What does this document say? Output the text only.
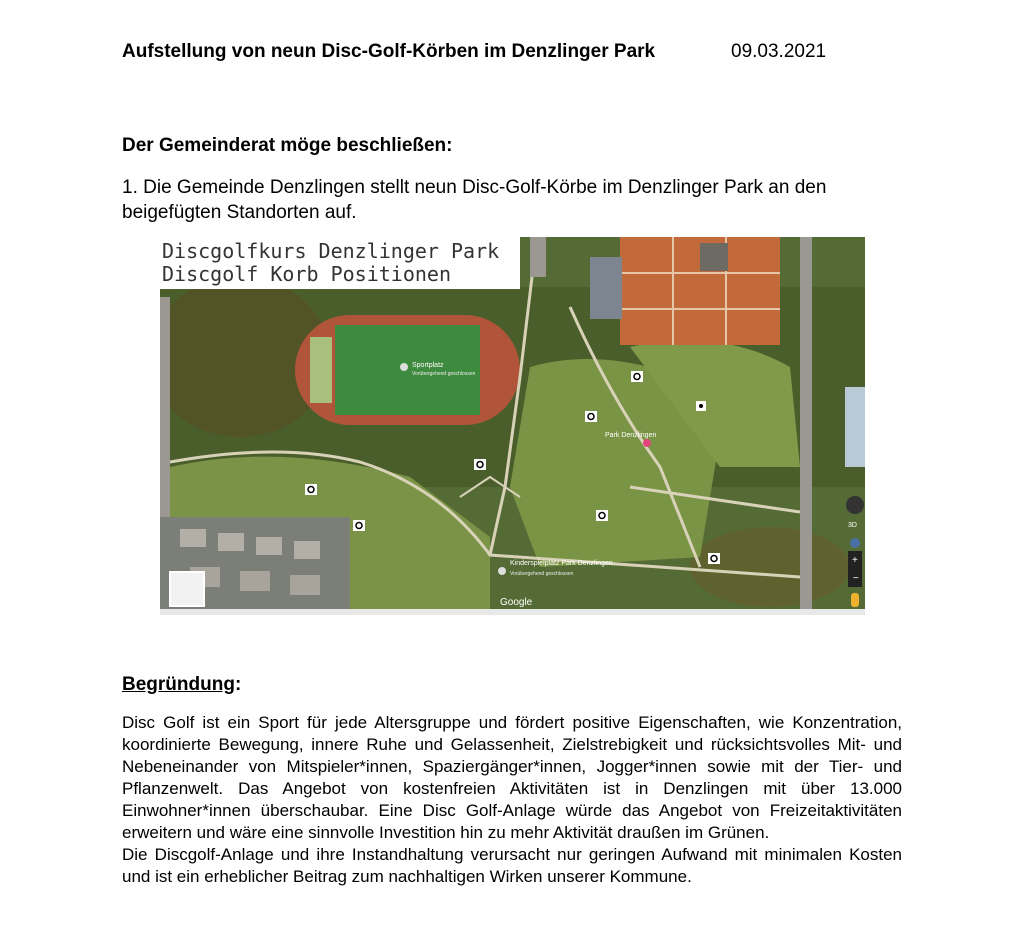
Aufstellung von neun Disc-Golf-Körben im Denzlinger Park	09.03.2021
Der Gemeinderat möge beschließen:
1. Die Gemeinde Denzlingen stellt neun Disc-Golf-Körbe im Denzlinger Park an den beigefügten Standorten auf.
Discgolfkurs Denzlinger Park
Discgolf Korb Positionen
Sportplatz
Vorübergehend geschlossen
Park Denzlingen
Kinderspielplatz Park Denzlingen
Vorübergehend geschlossen
Google
3D
+
−
Begründung:

Disc Golf ist ein Sport für jede Altersgruppe und fördert positive Eigenschaften, wie Konzentration, koordinierte Bewegung, innere Ruhe und Gelassenheit, Zielstrebigkeit und rücksichtsvolles Mit- und Nebeneinander von Mitspieler*innen, Spaziergänger*innen, Jogger*innen sowie mit der Tier- und Pflanzenwelt. Das Angebot von kostenfreien Aktivitäten ist in Denzlingen mit über 13.000 Einwohner*innen überschaubar. Eine Disc Golf-Anlage würde das Angebot von Freizeitaktivitäten erweitern und wäre eine sinnvolle Investition hin zu mehr Aktivität draußen im Grünen.

Die Discgolf-Anlage und ihre Instandhaltung verursacht nur geringen Aufwand mit minimalen Kosten und ist ein erheblicher Beitrag zum nachhaltigen Wirken unserer Kommune.
